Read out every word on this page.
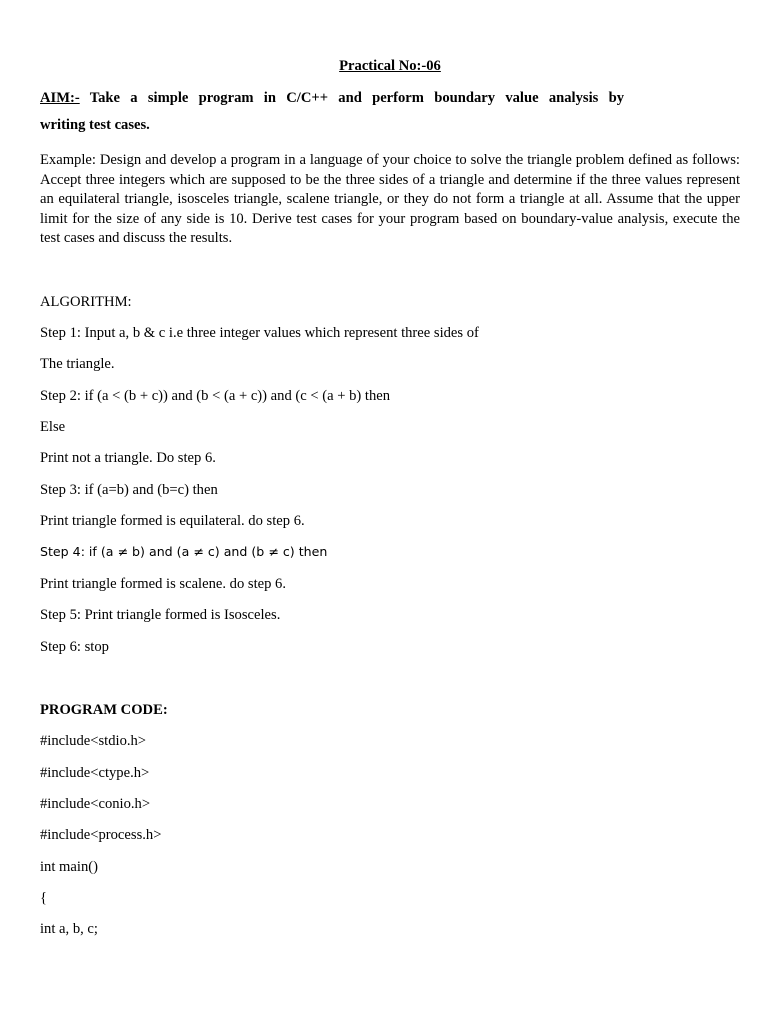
Practical No:-06
AIM:- Take a simple program in C/C++ and perform boundary value analysis by
writing test cases.
Example: Design and develop a program in a language of your choice to solve the triangle problem defined as follows: Accept three integers which are supposed to be the three sides of a triangle and determine if the three values represent an equilateral triangle, isosceles triangle, scalene triangle, or they do not form a triangle at all. Assume that the upper limit for the size of any side is 10. Derive test cases for your program based on boundary-value analysis, execute the test cases and discuss the results.
ALGORITHM:
Step 1: Input a, b & c i.e three integer values which represent three sides of
The triangle.
Step 2: if (a < (b + c)) and (b < (a + c)) and (c < (a + b) then
Else
Print not a triangle. Do step 6.
Step 3: if (a=b) and (b=c) then
Print triangle formed is equilateral. do step 6.
Step 4: if (a ≠ b) and (a ≠ c) and (b ≠ c) then
Print triangle formed is scalene. do step 6.
Step 5: Print triangle formed is Isosceles.
Step 6: stop
PROGRAM CODE:
#include<stdio.h>
#include<ctype.h>
#include<conio.h>
#include<process.h>
int main()
{
int a, b, c;
